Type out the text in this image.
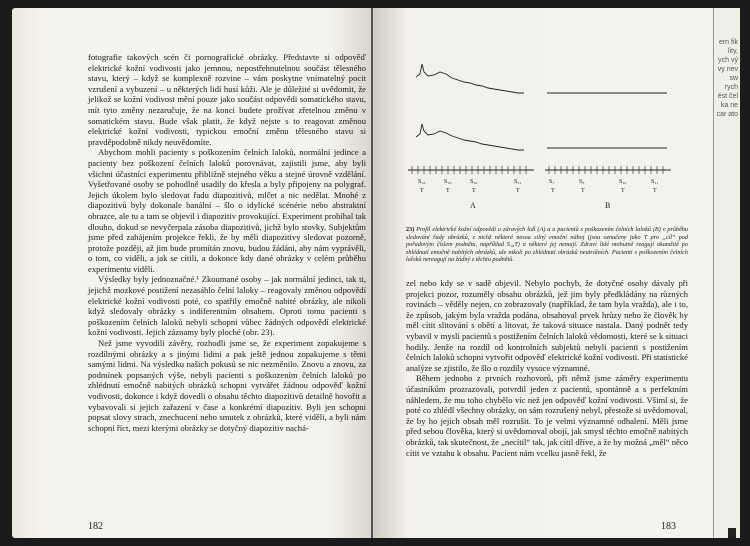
fotografie takových scén či pornografické obrázky. Představte si odpověď elektrické kožní vodivosti jako jemnou, nepostřehnutelnou součást tělesného stavu, který – když se komplexně rozvine – vám poskytne vnímatelný pocit vzrušení a vybuzení – u některých lidí husí kůži. Ale je důležité si uvědomit, že jelikož se kožní vodivost mění pouze jako součást odpovědi somatického stavu, mít tyto změny nezaručuje, že na konci budete prožívat zřetelnou změnu v somatickém stavu. Bude však platit, že když nejste s to reagovat změnou elektrické kožní vodivosti, typickou emoční změnu tělesného stavu si pravděpodobně nikdy neuvědomíte.

Abychom mohli pacienty s poškozením čelních laloků, normální jedince a pacienty bez poškození čelních laloků porovnávat, zajistili jsme, aby byli všichni účastníci experimentu přibližně stejného věku a stejné úrovně vzdělání. Vyšetřované osoby se pohodlně usadily do křesla a byly připojeny na polygraf. Jejich úkolem bylo sledovat řadu diapozitivů, mlčet a nic nedělat. Mnohé z diapozitivů byly dokonale banální – šlo o idylické scénérie nebo abstraktní obrazce, ale tu a tam se objevil i diapozitiv provokující. Experiment probíhal tak dlouho, dokud se nevyčerpala zásoba diapozitivů, jichž bylo stovky. Subjektům jsme před zahájením projekce řekli, že by měli diapozitivy sledovat pozorně, protože později, až jim bude promítán znovu, budou žádáni, aby nám vyprávěli, o tom, co viděli, a jak se cítili, a dokonce kdy dané obrázky v celém průběhu experimentu viděli.

Výsledky byly jednoznačné.¹ Zkoumané osoby – jak normální jedinci, tak ti, jejichž mozkové postižení nezasáhlo čelní laloky – reagovaly změnou odpovědí elektrické kožní vodivosti poté, co spatřily emočně nabité obrázky, ale nikoli když sledovaly obrázky s indiferentním obsahem. Oproti tomu pacienti s poškozením čelních laloků nebyli schopni vůbec žádných odpovědí elektrické kožní vodivosti. Jejich záznamy byly ploché (obr. 23).

Než jsme vyvodili závěry, rozhodli jsme se, že experiment zopakujeme s rozdílnými obrázky a s jinými lidmi a pak ještě jednou zopakujeme s těmi samými lidmi. Na výsledku našich pokusů se nic nezměnilo. Znovu a znovu, za podmínek popsaných výše, nebyli pacienti s poškozením čelních laloků po zhlédnutí emočně nabitých obrázků schopni vytvářet žádnou odpověď kožní vodivosti, dokonce i když dovedli o obsahu těchto diapozitivů detailně hovořit a vybavovali si jejich zařazení v čase a konkrétní diapozitiv. Byli jen schopni popsat slovy strach, znechucení nebo smutek z obrázků, které viděli, a byli nám schopni říct, mezi kterými obrázky se dotyčný diapozitiv nachá-

182
S₁₈	S₁₉	S₂₀	S₂₁
T	T	T	T
A
S₇	S₈	S₁₀	S₁₁
T	T	T	T
B
23) Profil elektrické kožní odpovědi u zdravých lidí (A) a u pacientů s poškozením čelních laloků (B) v průběhu sledování řady obrázků, z nichž některé nesou silný emoční náboj (jsou označeny jako T pro „cíl“ pod pořadovým číslem podnětu, například S₁₈T) a některé jej nemají. Zdraví lidé mohutně reagují okamžitě po zhlédnutí emočně nabitých obrázků, ale nikoli po zhlédnutí obrázků neutrálních. Pacienti s poškozením čelních laloků nereagují na žádný z těchto podnětů.

zel nebo kdy se v sadě objevil. Nebylo pochyb, že dotyčné osoby dávaly při projekci pozor, rozuměly obsahu obrázků, jež jim byly předkládány na různých rovinách – věděly nejen, co zobrazovaly (například, že tam byla vražda), ale i to, že způsob, jakým byla vražda podána, obsahoval prvek hrůzy nebo že člověk by měl cítit slitování s obětí a litovat, že taková situace nastala. Daný podnět tedy vybavil v mysli pacientů s postižením čelních laloků vědomosti, které se k situaci hodily. Jenže na rozdíl od kontrolních subjektů nebyli pacienti s postižením čelních laloků schopni vytvořit odpověď elektrické kožní vodivosti. Při statistické analýze se zjistilo, že šlo o rozdíly vysoce významné.

Během jednoho z prvních rozhovorů, při němž jsme záměry experimentu účastníkům prozrazovali, potvrdil jeden z pacientů, spontánně a s perfektním náhledem, že mu toho chybělo víc než jen odpověď kožní vodivosti. Všiml si, že poté co zhlédl všechny obrázky, on sám rozrušený nebyl, přestože si uvědomoval, že by ho jejich obsah měl rozrušit. To je velmi významné odhalení. Měli jsme před sebou člověka, který si uvědomoval obojí, jak smysl těchto emočně nabitých obrázků, tak skutečnost, že „necítil“ tak, jak cítil dříve, a že by možná „měl“ něco cítit ve vztahu k obsahu. Pacient nám vcelku jasně řekl, že

183
ern fik lity, ych vý vy nev sw rych ést čel ka ne car ato
